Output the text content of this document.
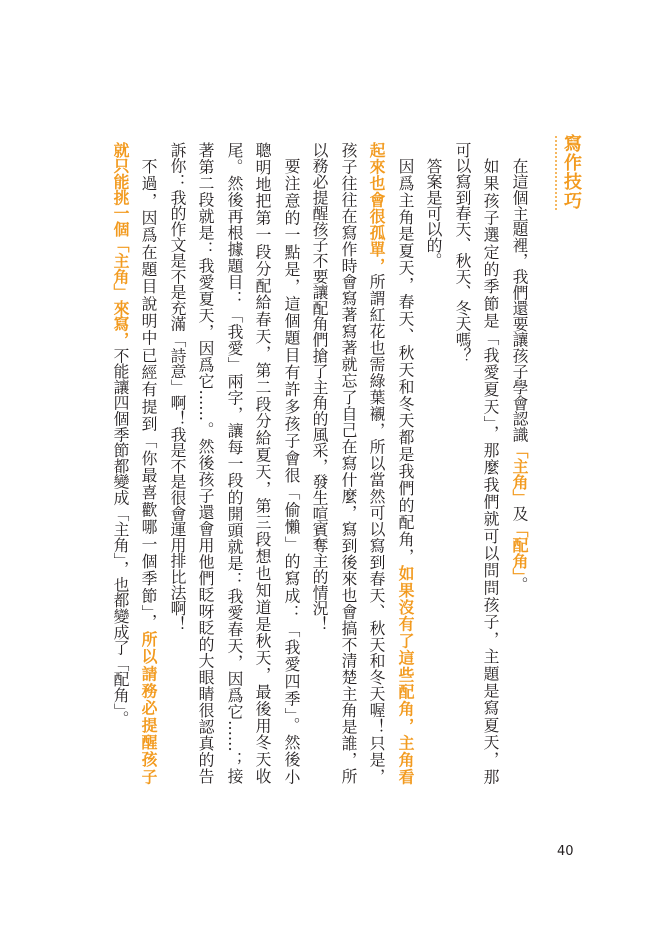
寫作技巧
在這個主題裡，我們還要讓孩子學會認識「主角」及「配角」。
如果孩子選定的季節是「我愛夏天」，那麼我們就可以問問孩子，主題是寫夏天，那
可以寫到春天、秋天、冬天嗎？
答案是可以的。
因爲主角是夏天，春天、秋天和冬天都是我們的配角，如果沒有了這些配角，主角看
起來也會很孤單，所謂紅花也需綠葉襯，所以當然可以寫到春天、秋天和冬天喔！只是，
孩子往往在寫作時會寫著寫著就忘了自己在寫什麼，寫到後來也會搞不清楚主角是誰，所
以務必提醒孩子不要讓配角們搶了主角的風采，發生喧賓奪主的情況！
要注意的一點是，這個題目有許多孩子會很「偷懶」的寫成：「我愛四季」。然後小
聰明地把第一段分配給春天，第二段分給夏天，第三段想也知道是秋天，最後用冬天收
尾。然後再根據題目：「我愛」兩字，讓每一段的開頭就是：我愛春天，因爲它……；接
著第二段就是：我愛夏天，因爲它……。然後孩子還會用他們眨呀眨的大眼睛很認真的告
訴你：我的作文是不是充滿「詩意」啊！我是不是很會運用排比法啊！
不過，因爲在題目說明中已經有提到「你最喜歡哪一個季節」，所以請務必提醒孩子
就只能挑一個「主角」來寫，不能讓四個季節都變成「主角」，也都變成了「配角」。
40
